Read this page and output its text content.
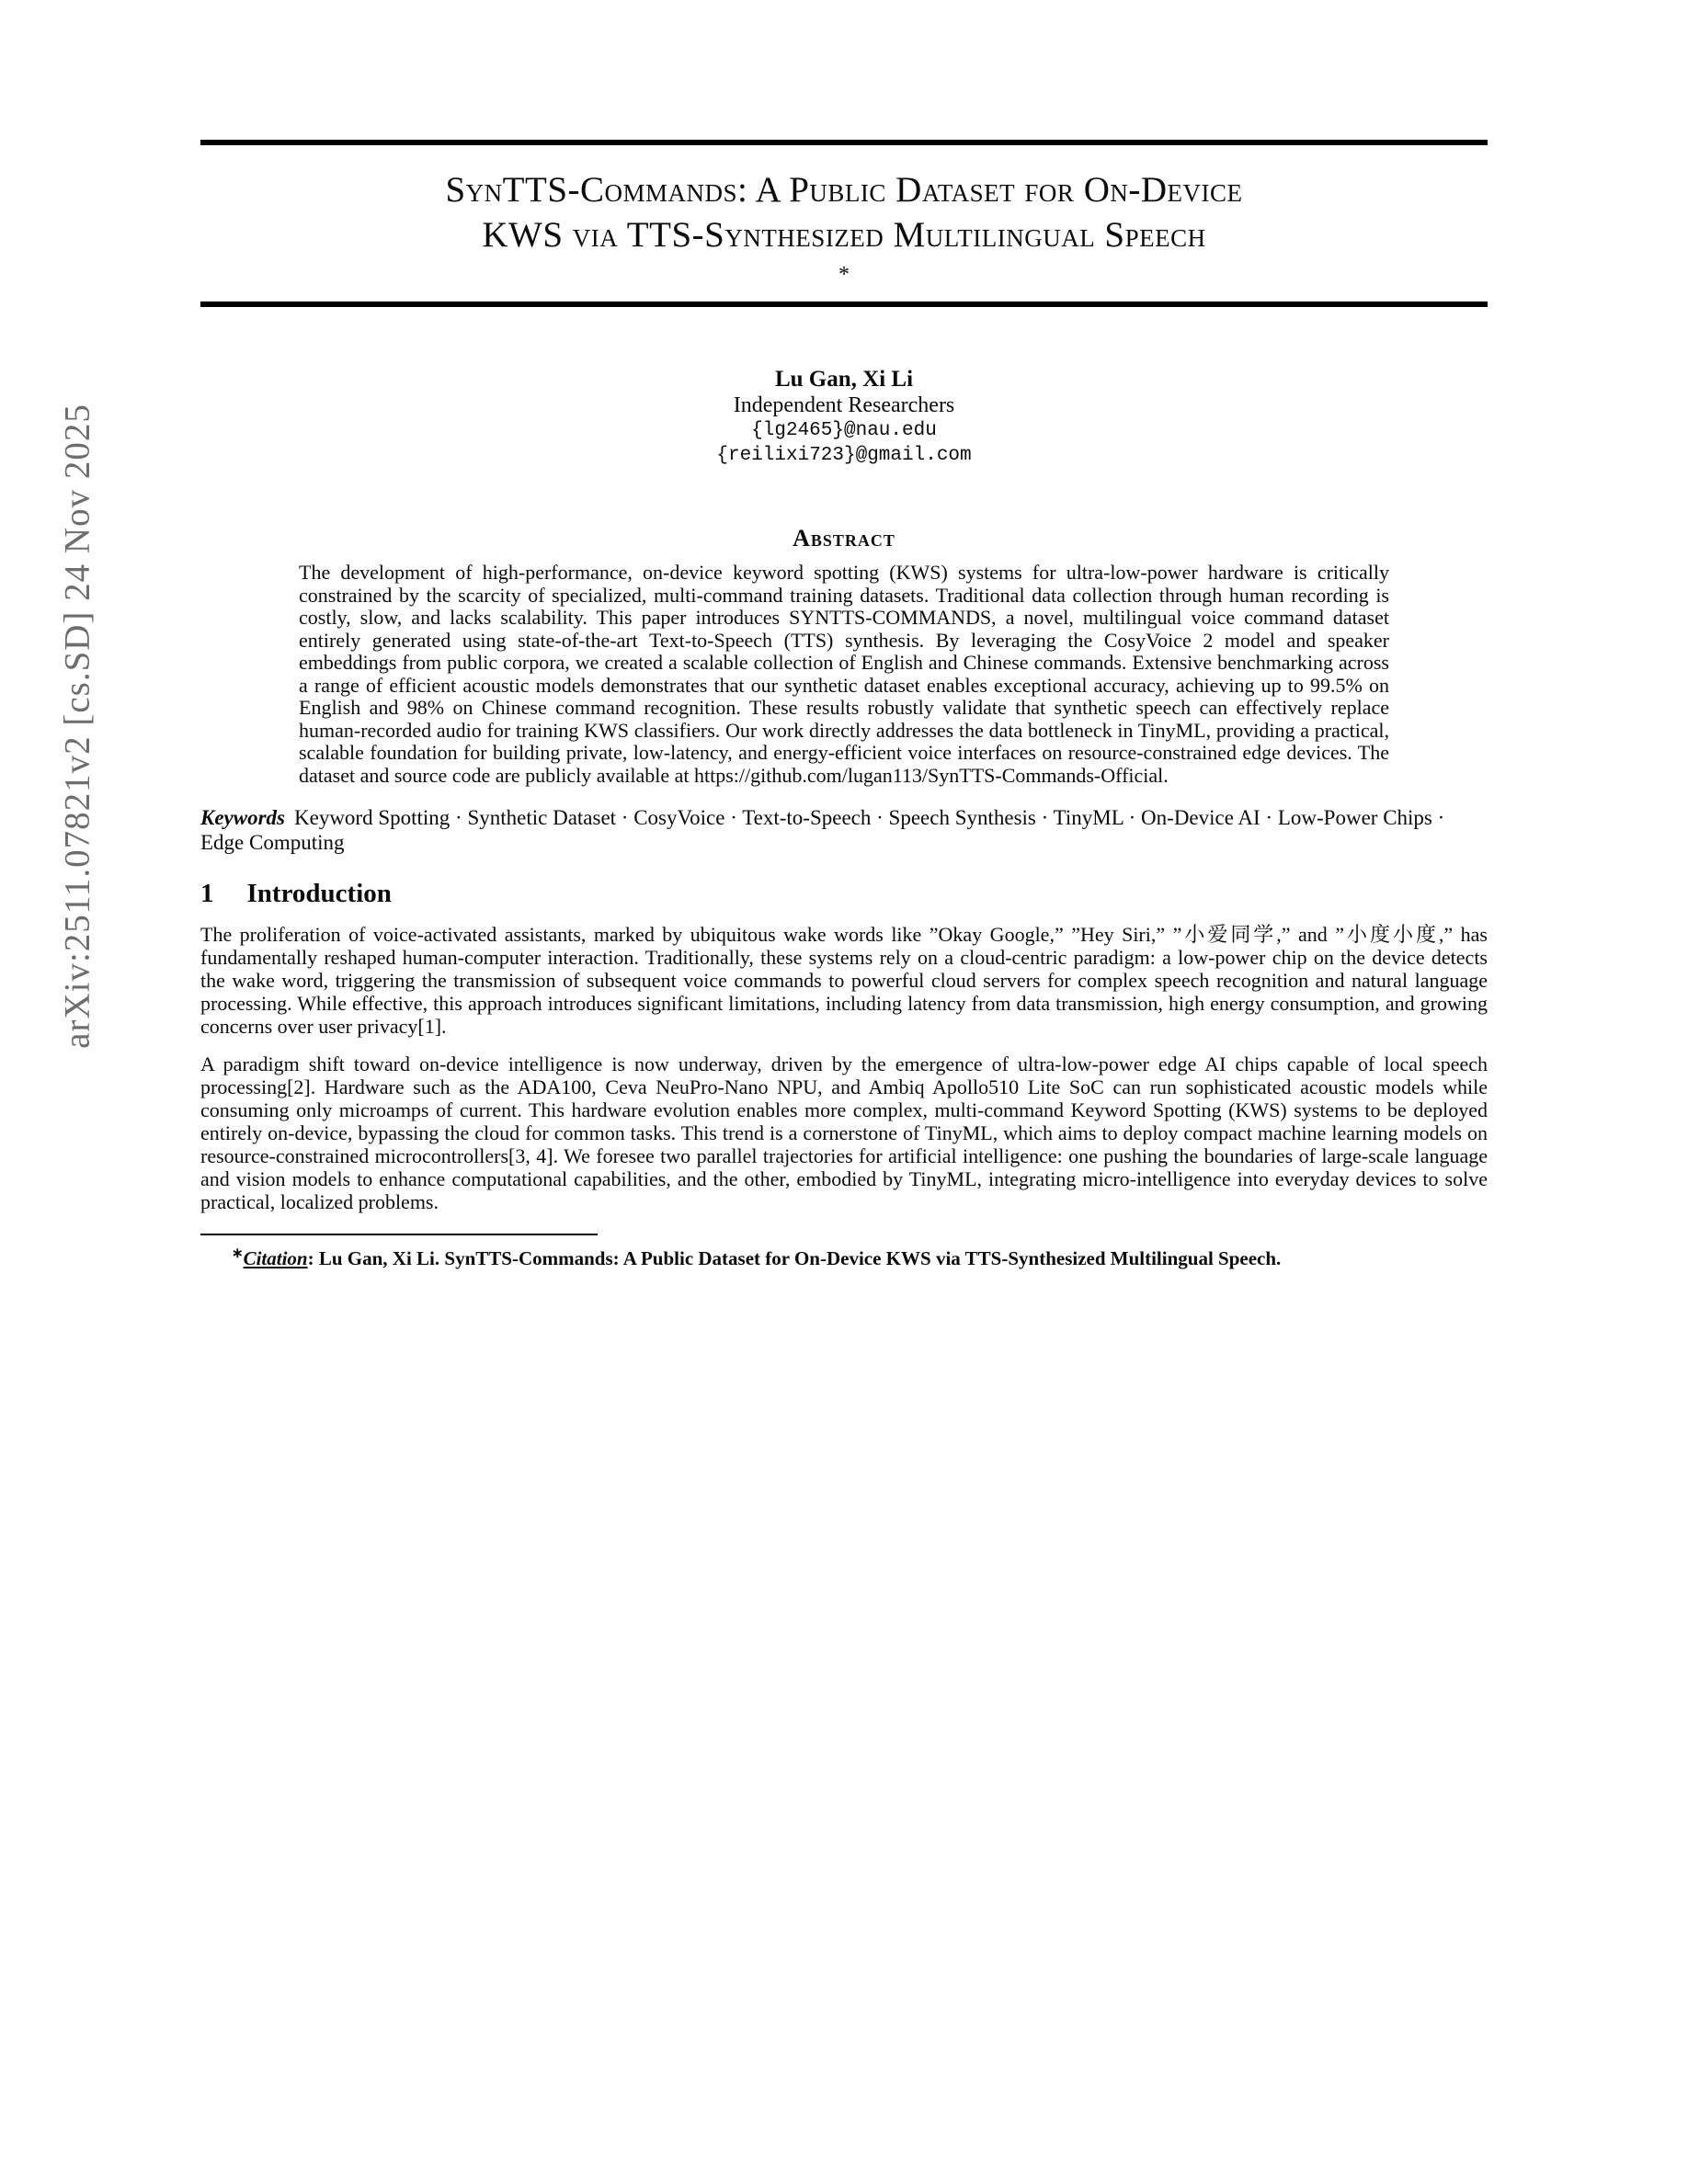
arXiv:2511.07821v2 [cs.SD] 24 Nov 2025
SynTTS-Commands: A Public Dataset for On-Device
KWS via TTS-Synthesized Multilingual Speech
*
Lu Gan, Xi Li
Independent Researchers
{lg2465}@nau.edu
{reilixi723}@gmail.com
Abstract

The development of high-performance, on-device keyword spotting (KWS) systems for ultra-low-power hardware is critically constrained by the scarcity of specialized, multi-command training datasets. Traditional data collection through human recording is costly, slow, and lacks scalability. This paper introduces SYNTTS-COMMANDS, a novel, multilingual voice command dataset entirely generated using state-of-the-art Text-to-Speech (TTS) synthesis. By leveraging the CosyVoice 2 model and speaker embeddings from public corpora, we created a scalable collection of English and Chinese commands. Extensive benchmarking across a range of efficient acoustic models demonstrates that our synthetic dataset enables exceptional accuracy, achieving up to 99.5% on English and 98% on Chinese command recognition. These results robustly validate that synthetic speech can effectively replace human-recorded audio for training KWS classifiers. Our work directly addresses the data bottleneck in TinyML, providing a practical, scalable foundation for building private, low-latency, and energy-efficient voice interfaces on resource-constrained edge devices. The dataset and source code are publicly available at https://github.com/lugan113/SynTTS-Commands-Official.

Keywords Keyword Spotting · Synthetic Dataset · CosyVoice · Text-to-Speech · Speech Synthesis · TinyML · On-Device AI · Low-Power Chips · Edge Computing

1 Introduction

The proliferation of voice-activated assistants, marked by ubiquitous wake words like ”Okay Google,” ”Hey Siri,” ”小爱同学,” and ”小度小度,” has fundamentally reshaped human-computer interaction. Traditionally, these systems rely on a cloud-centric paradigm: a low-power chip on the device detects the wake word, triggering the transmission of subsequent voice commands to powerful cloud servers for complex speech recognition and natural language processing. While effective, this approach introduces significant limitations, including latency from data transmission, high energy consumption, and growing concerns over user privacy[1].

A paradigm shift toward on-device intelligence is now underway, driven by the emergence of ultra-low-power edge AI chips capable of local speech processing[2]. Hardware such as the ADA100, Ceva NeuPro-Nano NPU, and Ambiq Apollo510 Lite SoC can run sophisticated acoustic models while consuming only microamps of current. This hardware evolution enables more complex, multi-command Keyword Spotting (KWS) systems to be deployed entirely on-device, bypassing the cloud for common tasks. This trend is a cornerstone of TinyML, which aims to deploy compact machine learning models on resource-constrained microcontrollers[3, 4]. We foresee two parallel trajectories for artificial intelligence: one pushing the boundaries of large-scale language and vision models to enhance computational capabilities, and the other, embodied by TinyML, integrating micro-intelligence into everyday devices to solve practical, localized problems.

∗Citation: Lu Gan, Xi Li. SynTTS-Commands: A Public Dataset for On-Device KWS via TTS-Synthesized Multilingual Speech.
